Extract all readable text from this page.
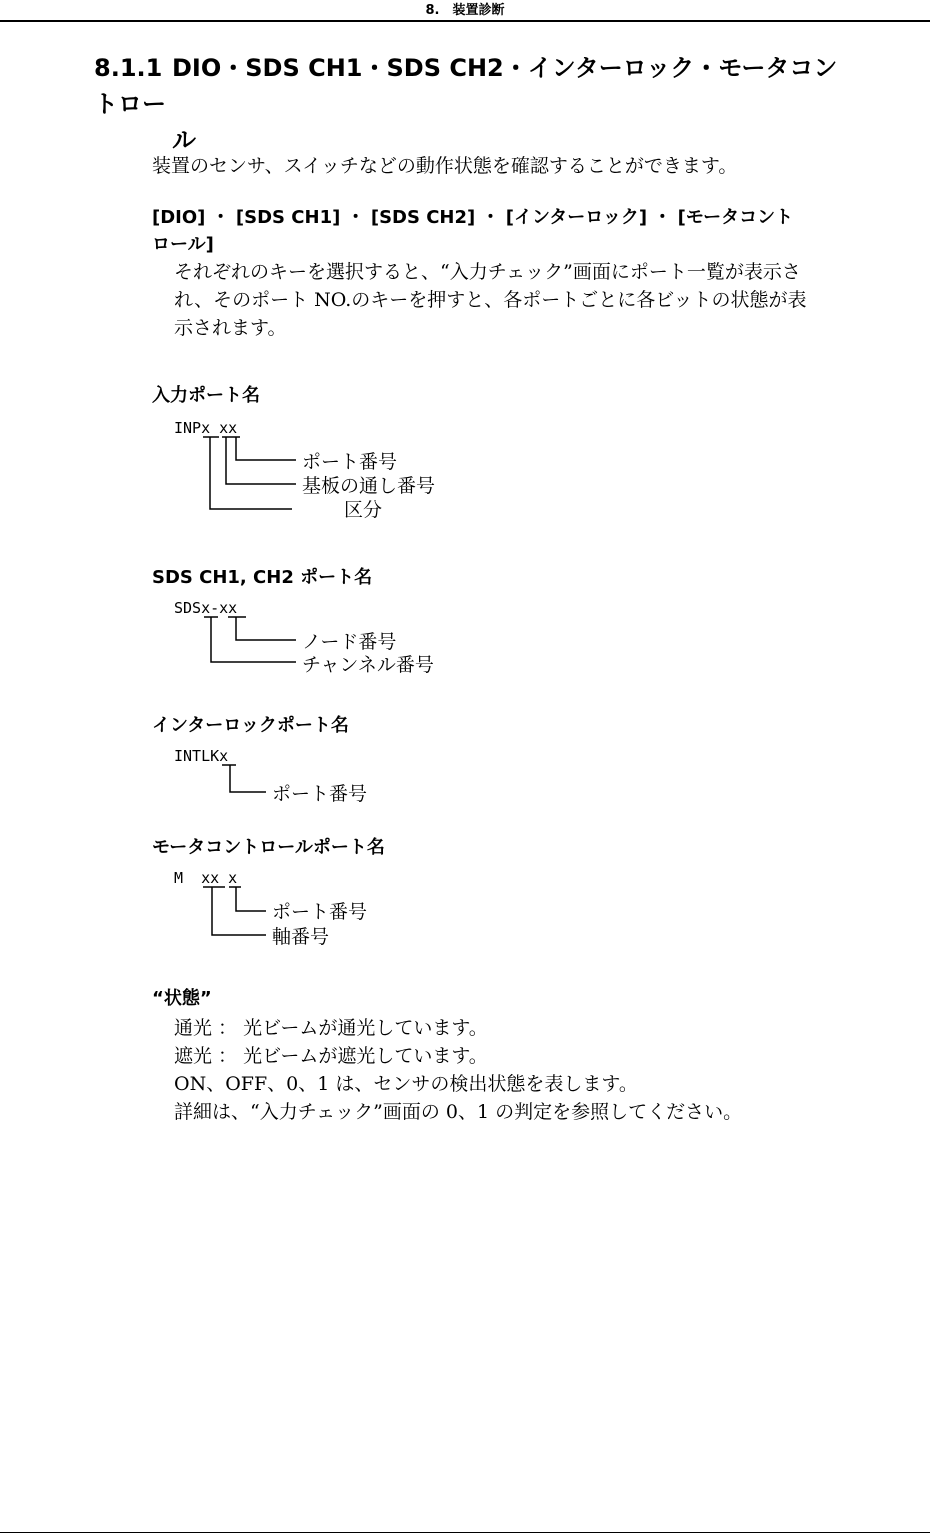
8.　装置診断
8.1.1 DIO・SDS CH1・SDS CH2・インターロック・モータコントロー
ル
装置のセンサ、スイッチなどの動作状態を確認することができます。
[DIO] ・ [SDS CH1] ・ [SDS CH2] ・ [インターロック] ・ [モータコント
ロール]
それぞれのキーを選択すると、“入力チェック”画面にポート一覧が表示さ
れ、そのポート NO.のキーを押すと、各ポートごとに各ビットの状態が表
示されます。
入力ポート名
INPx xx
ポート番号
基板の通し番号
区分
SDS CH1, CH2 ポート名
SDSx-xx
ノード番号
チャンネル番号
インターロックポート名
INTLKx
ポート番号
モータコントロールポート名
M  xx x
ポート番号
軸番号
“状態”
通光 ： 光ビームが通光しています。
遮光 ： 光ビームが遮光しています。
ON、OFF、0、1 は、センサの検出状態を表します。
詳細は、“入力チェック”画面の 0、1 の判定を参照してください。
